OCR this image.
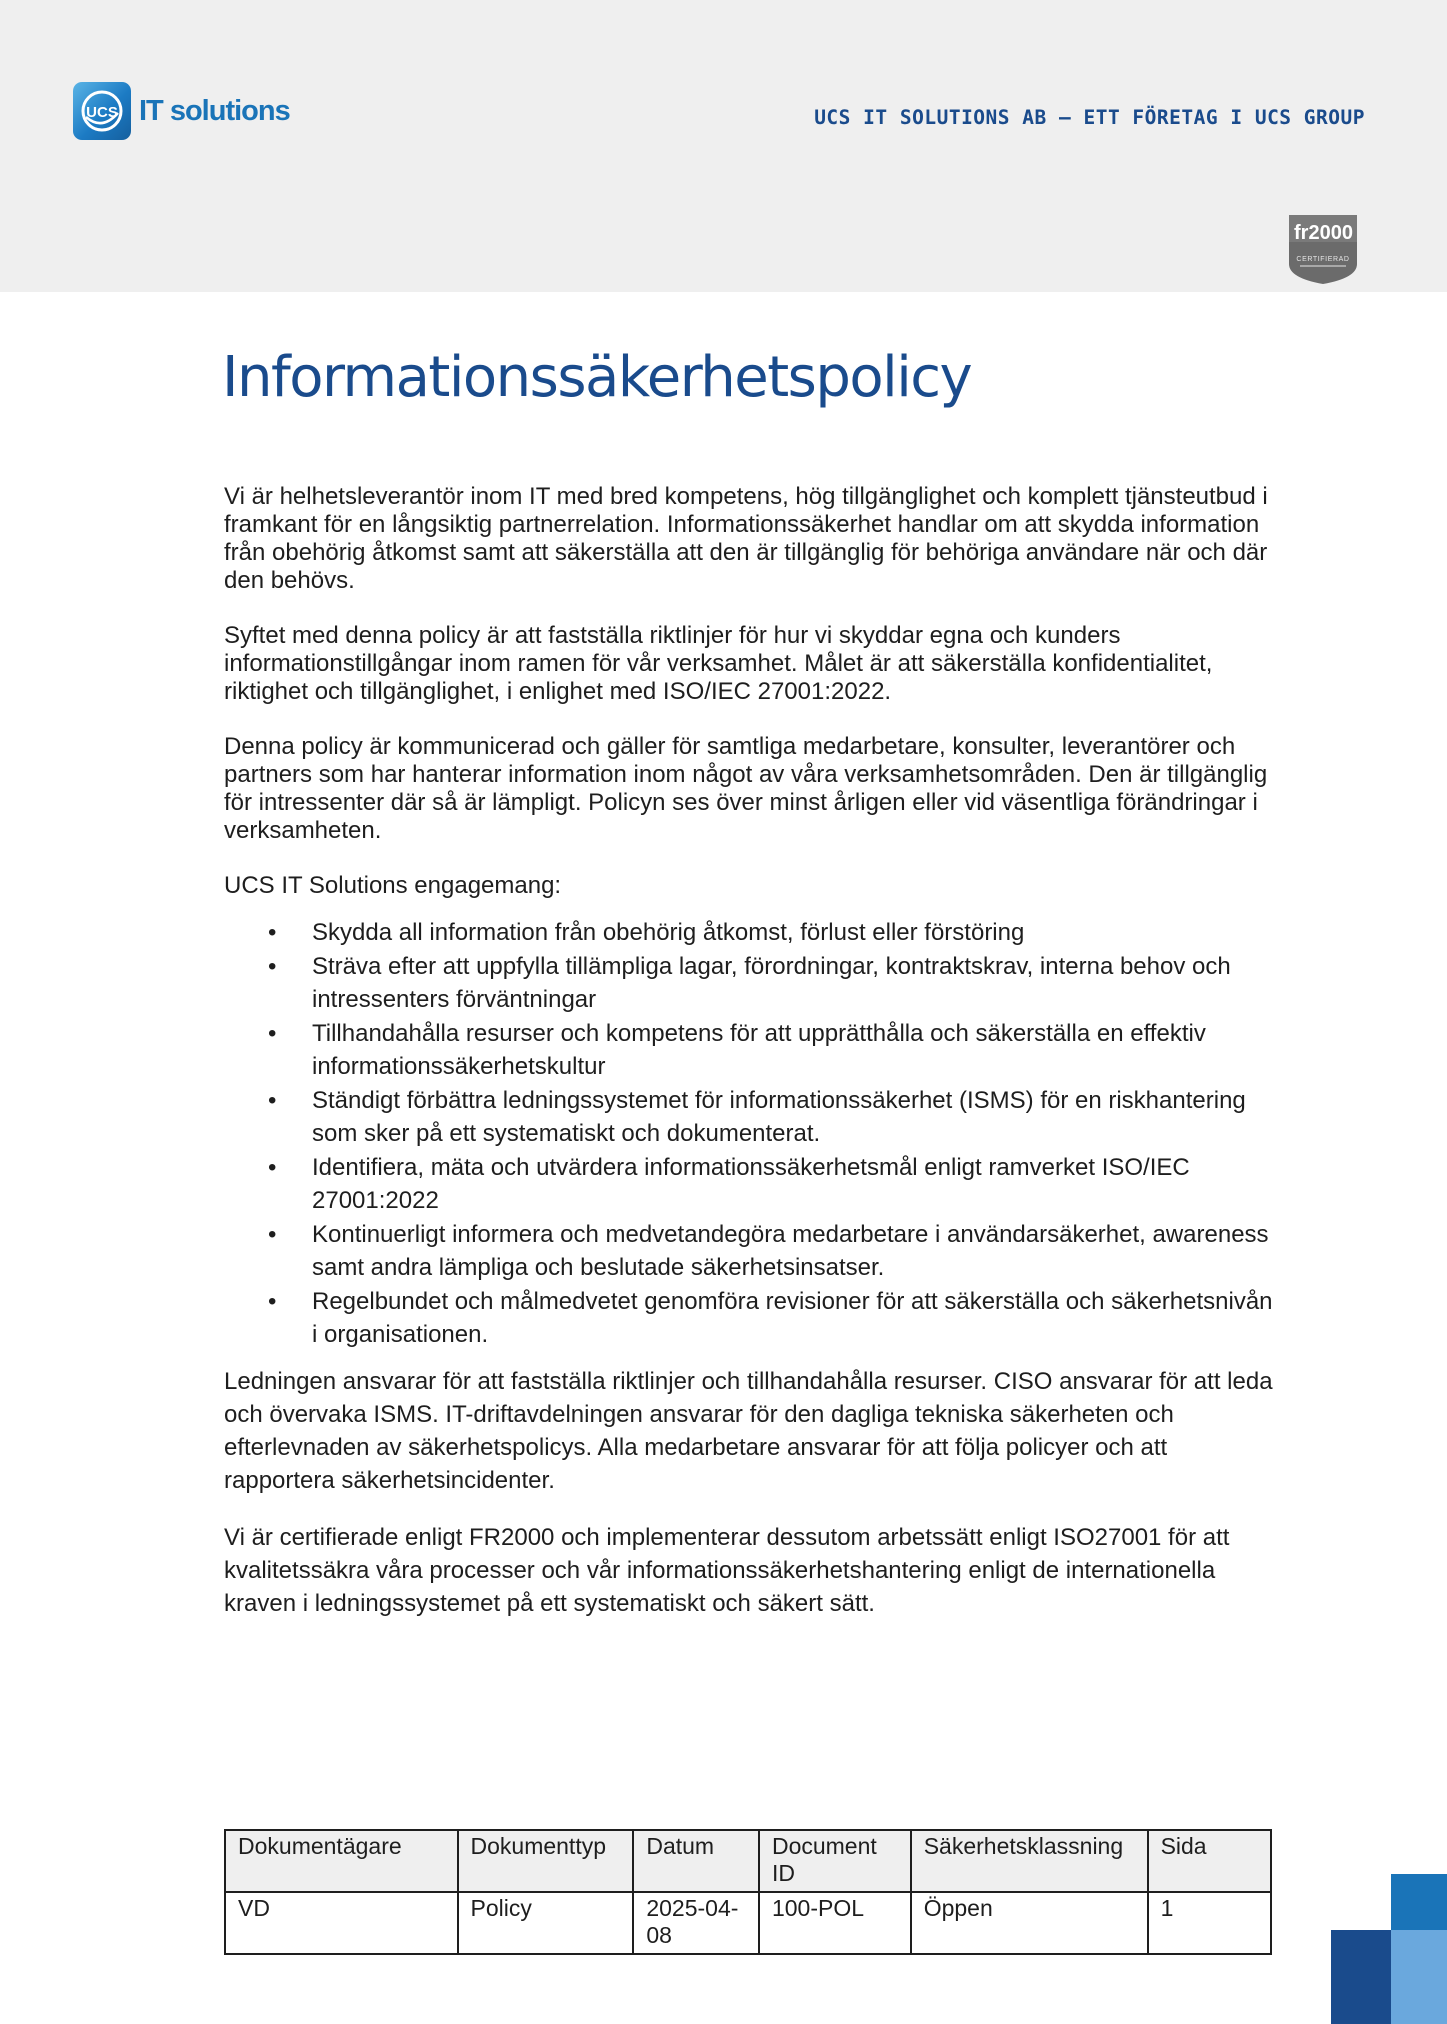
UCS IT solutions	UCS IT SOLUTIONS AB – ETT FÖRETAG I UCS GROUP
fr2000
CERTIFIERAD
Informationssäkerhetspolicy

Vi är helhetsleverantör inom IT med bred kompetens, hög tillgänglighet och komplett tjänsteutbud i framkant för en långsiktig partnerrelation. Informationssäkerhet handlar om att skydda information från obehörig åtkomst samt att säkerställa att den är tillgänglig för behöriga användare när och där den behövs.

Syftet med denna policy är att fastställa riktlinjer för hur vi skyddar egna och kunders informationstillgångar inom ramen för vår verksamhet. Målet är att säkerställa konfidentialitet, riktighet och tillgänglighet, i enlighet med ISO/IEC 27001:2022.

Denna policy är kommunicerad och gäller för samtliga medarbetare, konsulter, leverantörer och partners som har hanterar information inom något av våra verksamhetsområden. Den är tillgänglig för intressenter där så är lämpligt. Policyn ses över minst årligen eller vid väsentliga förändringar i verksamheten.

UCS IT Solutions engagemang:

• Skydda all information från obehörig åtkomst, förlust eller förstöring
• Sträva efter att uppfylla tillämpliga lagar, förordningar, kontraktskrav, interna behov och intressenters förväntningar
• Tillhandahålla resurser och kompetens för att upprätthålla och säkerställa en effektiv informationssäkerhetskultur
• Ständigt förbättra ledningssystemet för informationssäkerhet (ISMS) för en riskhantering som sker på ett systematiskt och dokumenterat.
• Identifiera, mäta och utvärdera informationssäkerhetsmål enligt ramverket ISO/IEC 27001:2022
• Kontinuerligt informera och medvetandegöra medarbetare i användarsäkerhet, awareness samt andra lämpliga och beslutade säkerhetsinsatser.
• Regelbundet och målmedvetet genomföra revisioner för att säkerställa och säkerhetsnivån i organisationen.

Ledningen ansvarar för att fastställa riktlinjer och tillhandahålla resurser. CISO ansvarar för att leda och övervaka ISMS. IT-driftavdelningen ansvarar för den dagliga tekniska säkerheten och efterlevnaden av säkerhetspolicys. Alla medarbetare ansvarar för att följa policyer och att rapportera säkerhetsincidenter.

Vi är certifierade enligt FR2000 och implementerar dessutom arbetssätt enligt ISO27001 för att kvalitetssäkra våra processer och vår informationssäkerhetshantering enligt de internationella kraven i ledningssystemet på ett systematiskt och säkert sätt.

Dokumentägare	Dokumenttyp	Datum	Document ID	Säkerhetsklassning	Sida
VD	Policy	2025-04-08	100-POL	Öppen	1
